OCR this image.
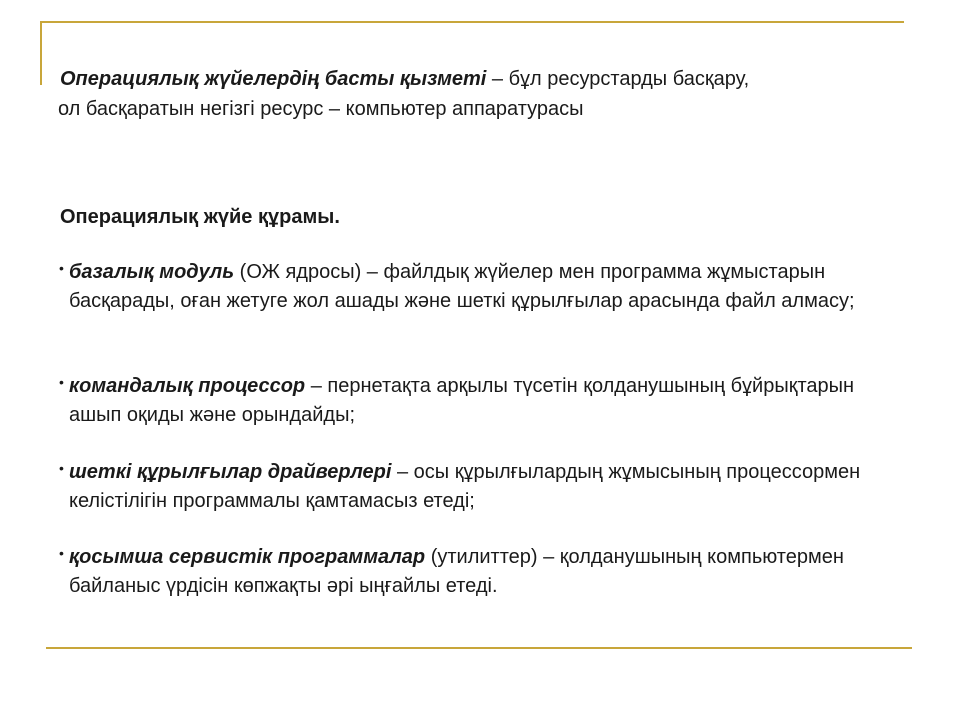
Операциялық жүйелердің басты қызметі – бұл ресурстарды басқару,
ол басқаратын негізгі ресурс – компьютер аппаратурасы

Операциялық жүйе құрамы.

• базалық модуль (ОЖ ядросы) – файлдық жүйелер мен программа жұмыстарын басқарады, оған жетуге жол ашады және шеткі құрылғылар арасында файл алмасу;
• командалық процессор – пернетақта арқылы түсетін қолданушының бұйрықтарын ашып оқиды және орындайды;
• шеткі құрылғылар драйверлері – осы құрылғылардың жұмысының процессормен келістілігін программалы қамтамасыз етеді;
• қосымша сервистік программалар (утилиттер) – қолданушының компьютермен байланыс үрдісін көпжақты әрі ыңғайлы етеді.
